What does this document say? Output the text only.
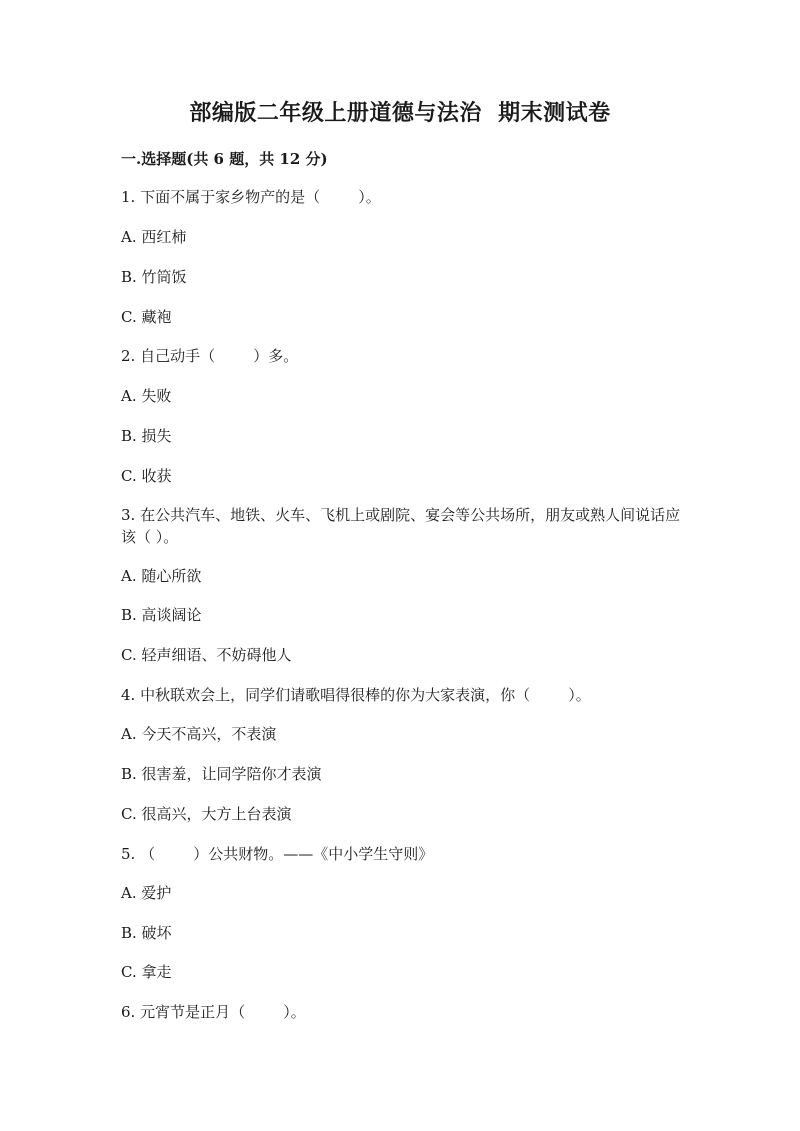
部编版二年级上册道德与法治  期末测试卷
一.选择题(共 6 题，共 12 分)
1. 下面不属于家乡物产的是（        ）。
A. 西红柿
B. 竹筒饭
C. 藏袍
2. 自己动手（        ）多。
A. 失败
B. 损失
C. 收获
3. 在公共汽车、地铁、火车、飞机上或剧院、宴会等公共场所，朋友或熟人间说话应该（ ）。
A. 随心所欲
B. 高谈阔论
C. 轻声细语、不妨碍他人
4. 中秋联欢会上，同学们请歌唱得很棒的你为大家表演，你（        ）。
A. 今天不高兴，不表演
B. 很害羞，让同学陪你才表演
C. 很高兴，大方上台表演
5. （        ）公共财物。——《中小学生守则》
A. 爱护
B. 破坏
C. 拿走
6. 元宵节是正月（        ）。
